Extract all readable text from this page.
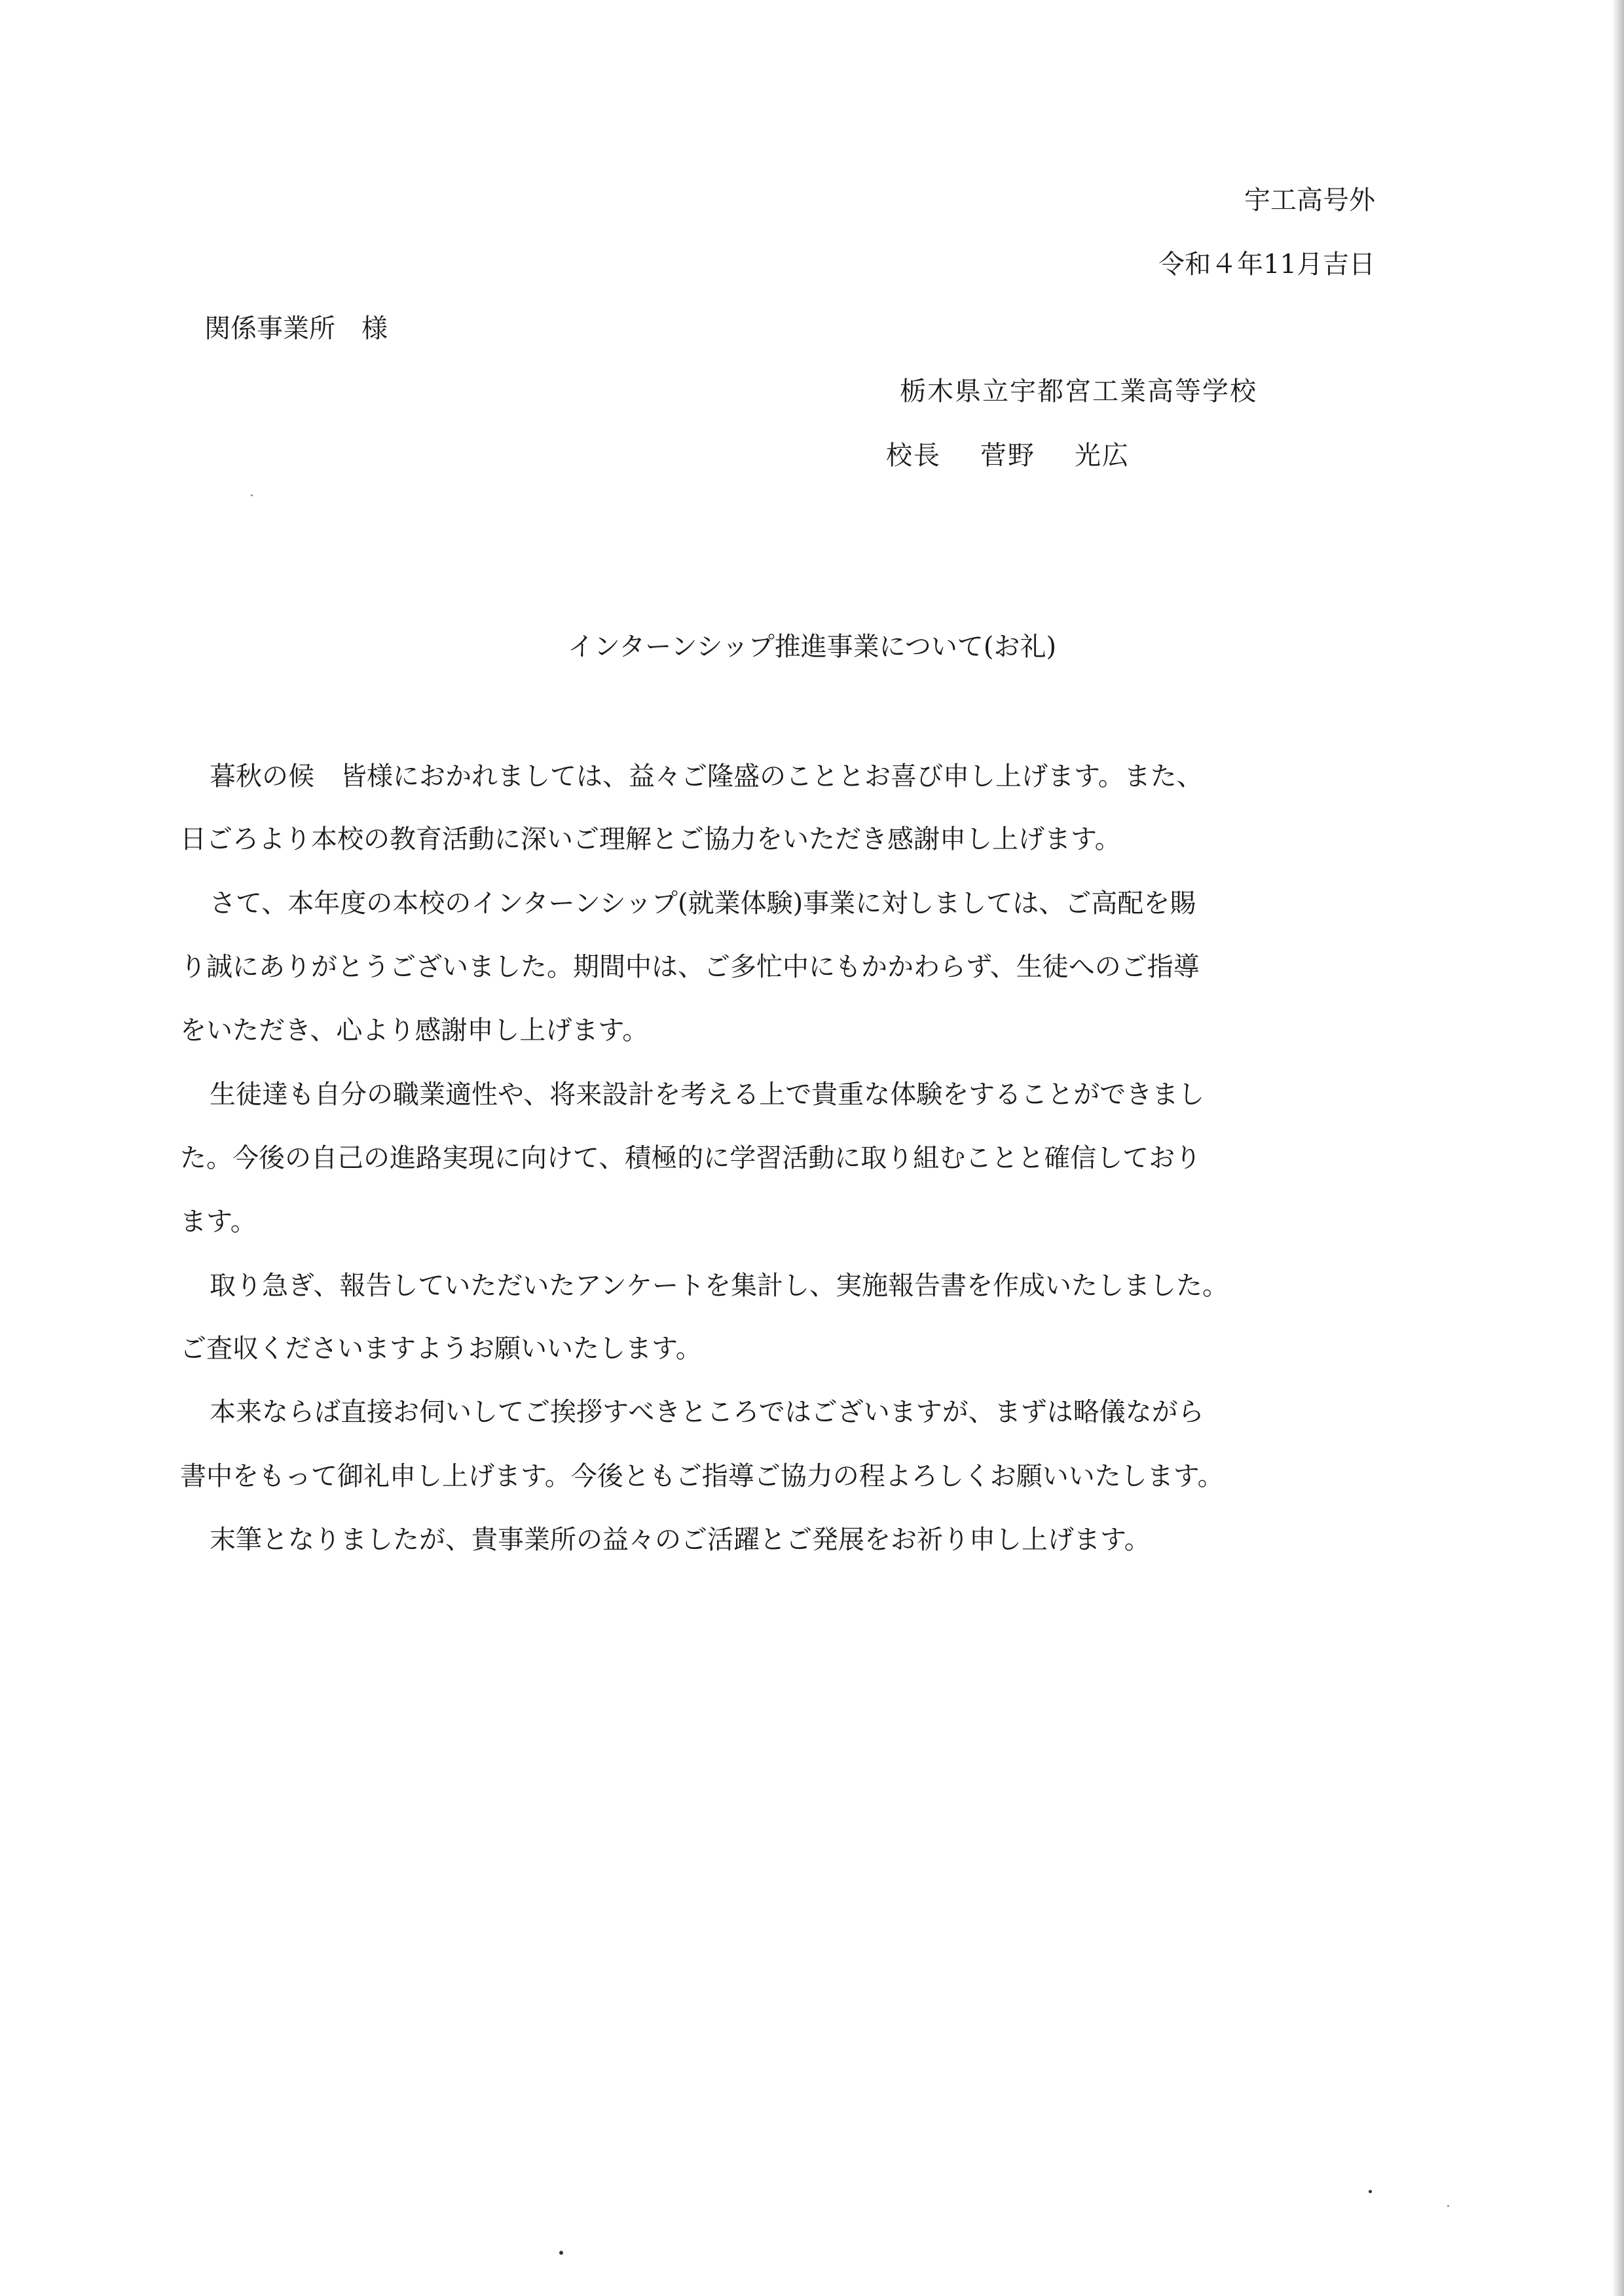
宇工高号外
令和４年11月吉日
関係事業所　様
栃木県立宇都宮工業高等学校
校長 菅野 光広
インターンシップ推進事業について(お礼)
暮秋の候　皆様におかれましては、益々ご隆盛のこととお喜び申し上げます。また、
日ごろより本校の教育活動に深いご理解とご協力をいただき感謝申し上げます。
さて、本年度の本校のインターンシップ(就業体験)事業に対しましては、ご高配を賜
り誠にありがとうございました。期間中は、ご多忙中にもかかわらず、生徒へのご指導
をいただき、心より感謝申し上げます。
生徒達も自分の職業適性や、将来設計を考える上で貴重な体験をすることができまし
た。今後の自己の進路実現に向けて、積極的に学習活動に取り組むことと確信しており
ます。
取り急ぎ、報告していただいたアンケートを集計し、実施報告書を作成いたしました。
ご査収くださいますようお願いいたします。
本来ならば直接お伺いしてご挨拶すべきところではございますが、まずは略儀ながら
書中をもって御礼申し上げます。今後ともご指導ご協力の程よろしくお願いいたします。
末筆となりましたが、貴事業所の益々のご活躍とご発展をお祈り申し上げます。
